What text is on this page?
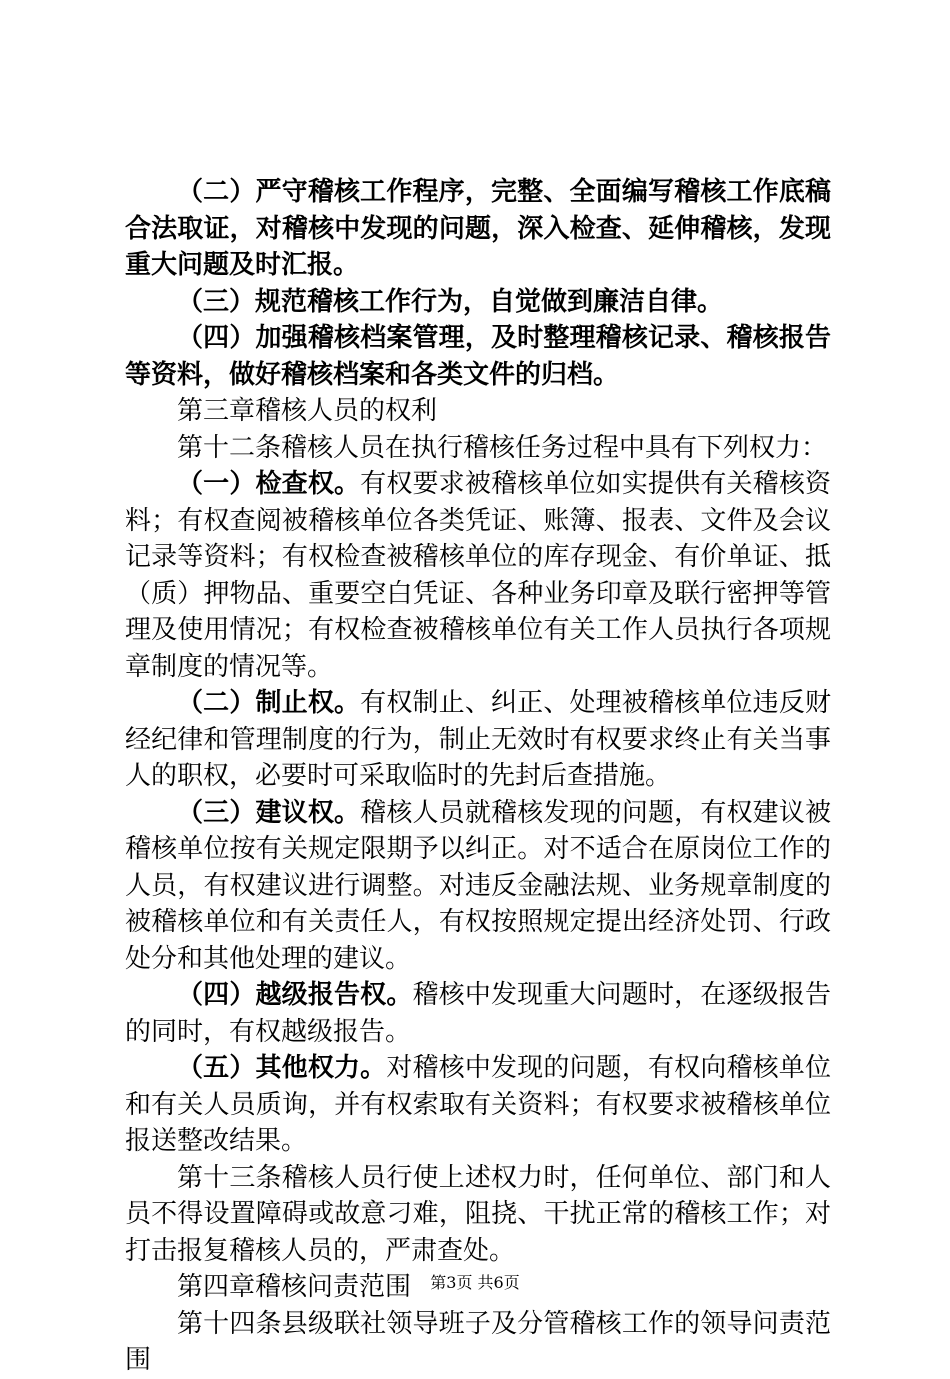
（二）严守稽核工作程序，完整、全面编写稽核工作底稿合法取证，对稽核中发现的问题，深入检查、延伸稽核，发现重大问题及时汇报。

（三）规范稽核工作行为，自觉做到廉洁自律。

（四）加强稽核档案管理，及时整理稽核记录、稽核报告等资料，做好稽核档案和各类文件的归档。

第三章稽核人员的权利

第十二条稽核人员在执行稽核任务过程中具有下列权力：

（一）检查权。有权要求被稽核单位如实提供有关稽核资料；有权查阅被稽核单位各类凭证、账簿、报表、文件及会议记录等资料；有权检查被稽核单位的库存现金、有价单证、抵（质）押物品、重要空白凭证、各种业务印章及联行密押等管理及使用情况；有权检查被稽核单位有关工作人员执行各项规章制度的情况等。

（二）制止权。有权制止、纠正、处理被稽核单位违反财经纪律和管理制度的行为，制止无效时有权要求终止有关当事人的职权，必要时可采取临时的先封后查措施。

（三）建议权。稽核人员就稽核发现的问题，有权建议被稽核单位按有关规定限期予以纠正。对不适合在原岗位工作的人员，有权建议进行调整。对违反金融法规、业务规章制度的被稽核单位和有关责任人，有权按照规定提出经济处罚、行政处分和其他处理的建议。

（四）越级报告权。稽核中发现重大问题时，在逐级报告的同时，有权越级报告。

（五）其他权力。对稽核中发现的问题，有权向稽核单位和有关人员质询，并有权索取有关资料；有权要求被稽核单位报送整改结果。

第十三条稽核人员行使上述权力时，任何单位、部门和人员不得设置障碍或故意刁难，阻挠、干扰正常的稽核工作；对打击报复稽核人员的，严肃查处。

第四章稽核问责范围

第十四条县级联社领导班子及分管稽核工作的领导问责范围

第3页 共6页
